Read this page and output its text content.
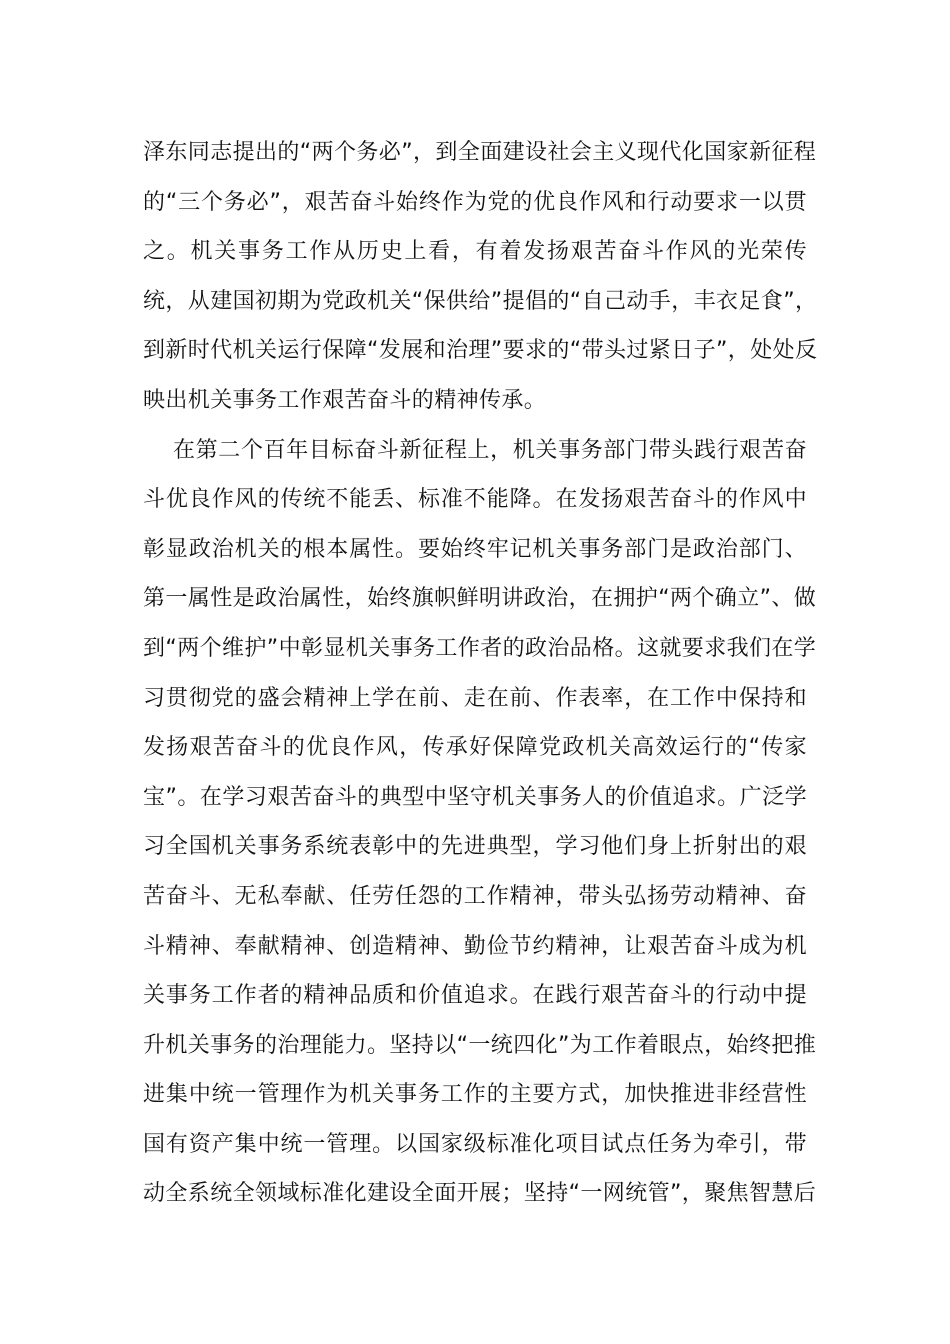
泽东同志提出的“两个务必”，到全面建设社会主义现代化国家新征程
的“三个务必”，艰苦奋斗始终作为党的优良作风和行动要求一以贯
之。机关事务工作从历史上看，有着发扬艰苦奋斗作风的光荣传
统，从建国初期为党政机关“保供给”提倡的“自己动手，丰衣足食”，
到新时代机关运行保障“发展和治理”要求的“带头过紧日子”，处处反
映出机关事务工作艰苦奋斗的精神传承。
在第二个百年目标奋斗新征程上，机关事务部门带头践行艰苦奋
斗优良作风的传统不能丢、标准不能降。在发扬艰苦奋斗的作风中
彰显政治机关的根本属性。要始终牢记机关事务部门是政治部门、
第一属性是政治属性，始终旗帜鲜明讲政治，在拥护“两个确立”、做
到“两个维护”中彰显机关事务工作者的政治品格。这就要求我们在学
习贯彻党的盛会精神上学在前、走在前、作表率，在工作中保持和
发扬艰苦奋斗的优良作风，传承好保障党政机关高效运行的“传家
宝”。在学习艰苦奋斗的典型中坚守机关事务人的价值追求。广泛学
习全国机关事务系统表彰中的先进典型，学习他们身上折射出的艰
苦奋斗、无私奉献、任劳任怨的工作精神，带头弘扬劳动精神、奋
斗精神、奉献精神、创造精神、勤俭节约精神，让艰苦奋斗成为机
关事务工作者的精神品质和价值追求。在践行艰苦奋斗的行动中提
升机关事务的治理能力。坚持以“一统四化”为工作着眼点，始终把推
进集中统一管理作为机关事务工作的主要方式，加快推进非经营性
国有资产集中统一管理。以国家级标准化项目试点任务为牵引，带
动全系统全领域标准化建设全面开展；坚持“一网统管”，聚焦智慧后
